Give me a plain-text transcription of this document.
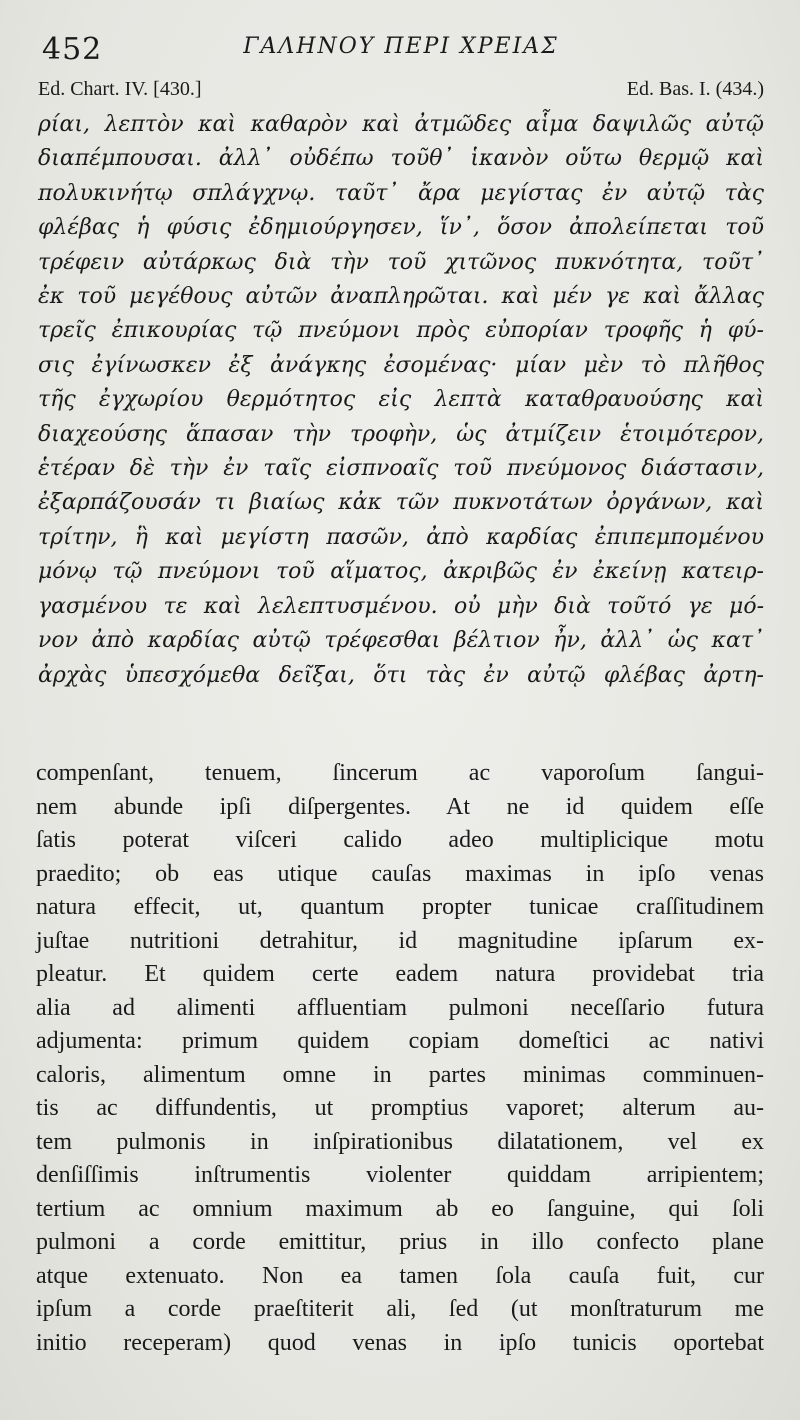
452	ΓΑΛΗΝΟΥ ΠΕΡΙ ΧΡΕΙΑΣ
Ed. Chart. IV. [430.]	Ed. Bas. I. (434.)
ρίαι, λεπτὸν καὶ καθαρὸν καὶ ἀτμῶδες αἷμα δαψιλῶς αὐτῷ
διαπέμπουσαι. ἀλλ᾽ οὐδέπω τοῦθ᾽ ἱκανὸν οὕτω θερμῷ καὶ
πολυκινήτῳ σπλάγχνῳ. ταῦτ᾽ ἄρα μεγίστας ἐν αὐτῷ τὰς
φλέβας ἡ φύσις ἐδημιούργησεν, ἵν᾽, ὅσον ἀπολείπεται τοῦ
τρέφειν αὐτάρκως διὰ τὴν τοῦ χιτῶνος πυκνότητα, τοῦτ᾽
ἐκ τοῦ μεγέθους αὐτῶν ἀναπληρῶται. καὶ μέν γε καὶ ἄλλας
τρεῖς ἐπικουρίας τῷ πνεύμονι πρὸς εὐπορίαν τροφῆς ἡ φύ-
σις ἐγίνωσκεν ἐξ ἀνάγκης ἐσομένας· μίαν μὲν τὸ πλῆθος
τῆς ἐγχωρίου θερμότητος εἰς λεπτὰ καταθραυούσης καὶ
διαχεούσης ἅπασαν τὴν τροφὴν, ὡς ἀτμίζειν ἑτοιμότερον,
ἑτέραν δὲ τὴν ἐν ταῖς εἰσπνοαῖς τοῦ πνεύμονος διάστασιν,
ἐξαρπάζουσάν τι βιαίως κἀκ τῶν πυκνοτάτων ὀργάνων, καὶ
τρίτην, ἣ καὶ μεγίστη πασῶν, ἀπὸ καρδίας ἐπιπεμπομένου
μόνῳ τῷ πνεύμονι τοῦ αἵματος, ἀκριβῶς ἐν ἐκείνῃ κατειρ-
γασμένου τε καὶ λελεπτυσμένου. οὐ μὴν διὰ τοῦτό γε μό-
νον ἀπὸ καρδίας αὐτῷ τρέφεσθαι βέλτιον ἦν, ἀλλ᾽ ὡς κατ᾽
ἀρχὰς ὑπεσχόμεθα δεῖξαι, ὅτι τὰς ἐν αὐτῷ φλέβας ἀρτη-
compenſant, tenuem, ſincerum ac vaporoſum ſangui-
nem abunde ipſi diſpergentes. At ne id quidem eſſe
ſatis poterat viſceri calido adeo multiplicique motu
praedito; ob eas utique cauſas maximas in ipſo venas
natura effecit, ut, quantum propter tunicae craſſitudinem
juſtae nutritioni detrahitur, id magnitudine ipſarum ex-
pleatur. Et quidem certe eadem natura providebat tria
alia ad alimenti affluentiam pulmoni neceſſario futura
adjumenta: primum quidem copiam domeſtici ac nativi
caloris, alimentum omne in partes minimas comminuen-
tis ac diffundentis, ut promptius vaporet; alterum au-
tem pulmonis in inſpirationibus dilatationem, vel ex
denſiſſimis inſtrumentis violenter quiddam arripientem;
tertium ac omnium maximum ab eo ſanguine, qui ſoli
pulmoni a corde emittitur, prius in illo confecto plane
atque extenuato. Non ea tamen ſola cauſa fuit, cur
ipſum a corde praeſtiterit ali, ſed (ut monſtraturum me
initio receperam) quod venas in ipſo tunicis oportebat
